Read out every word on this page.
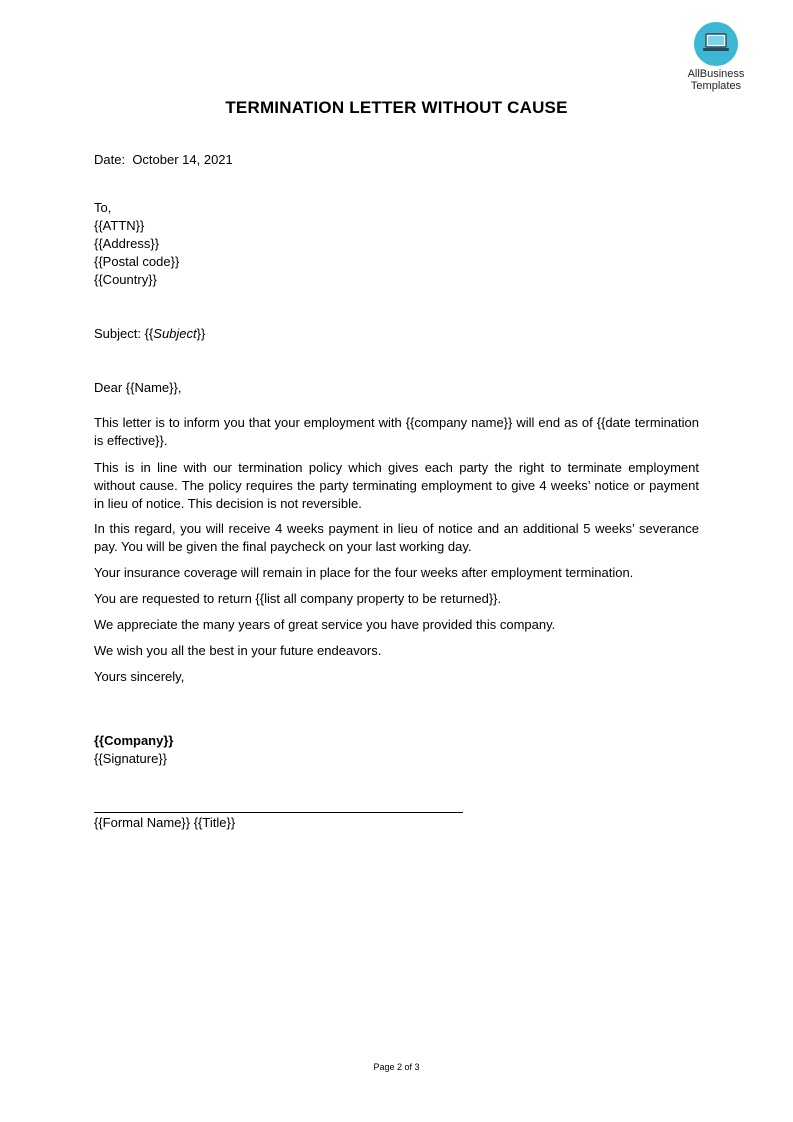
AllBusiness
Templates
TERMINATION LETTER WITHOUT CAUSE
Date: October 14, 2021
To,
{{ATTN}}
{{Address}}
{{Postal code}}
{{Country}}
Subject: {{Subject}}
Dear {{Name}},
This letter is to inform you that your employment with {{company name}} will end as of {{date termination is effective}}.
This is in line with our termination policy which gives each party the right to terminate employment without cause. The policy requires the party terminating employment to give 4 weeks’ notice or payment in lieu of notice. This decision is not reversible.
In this regard, you will receive 4 weeks payment in lieu of notice and an additional 5 weeks’ severance pay. You will be given the final paycheck on your last working day.
Your insurance coverage will remain in place for the four weeks after employment termination.
You are requested to return {{list all company property to be returned}}.
We appreciate the many years of great service you have provided this company.
We wish you all the best in your future endeavors.
Yours sincerely,
{{Company}}
{{Signature}}
{{Formal Name}} {{Title}}
Page 2 of 3
